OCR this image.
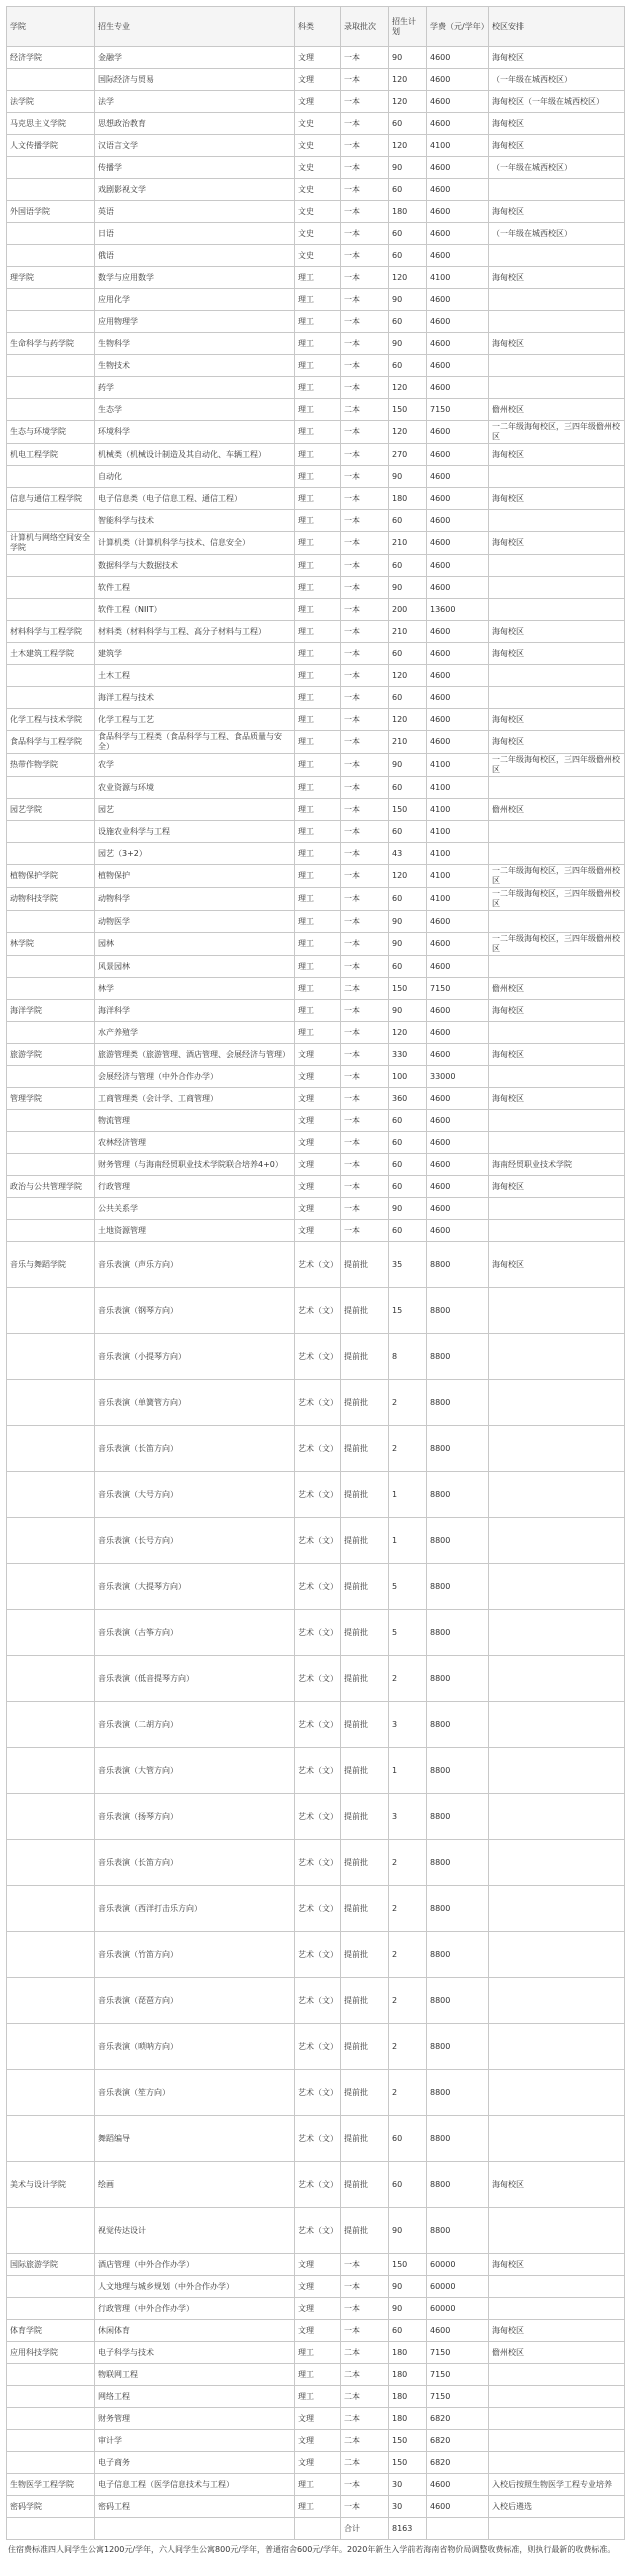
学院	招生专业	科类	录取批次	招生计划	学费（元/学年）	校区安排
经济学院	金融学	文理	一本	90	4600	海甸校区
	国际经济与贸易	文理	一本	120	4600	（一年级在城西校区）
法学院	法学	文理	一本	120	4600	海甸校区（一年级在城西校区）
马克思主义学院	思想政治教育	文史	一本	60	4600	海甸校区
人文传播学院	汉语言文学	文史	一本	120	4100	海甸校区
	传播学	文史	一本	90	4600	（一年级在城西校区）
	戏剧影视文学	文史	一本	60	4600	
外国语学院	英语	文史	一本	180	4600	海甸校区
	日语	文史	一本	60	4600	（一年级在城西校区）
	俄语	文史	一本	60	4600	
理学院	数学与应用数学	理工	一本	120	4100	海甸校区
	应用化学	理工	一本	90	4600	
	应用物理学	理工	一本	60	4600	
生命科学与药学院	生物科学	理工	一本	90	4600	海甸校区
	生物技术	理工	一本	60	4600	
	药学	理工	一本	120	4600	
	生态学	理工	二本	150	7150	儋州校区
生态与环境学院	环境科学	理工	一本	120	4600	一二年级海甸校区，三四年级儋州校区
机电工程学院	机械类（机械设计制造及其自动化、车辆工程）	理工	一本	270	4600	海甸校区
	自动化	理工	一本	90	4600	
信息与通信工程学院	电子信息类（电子信息工程、通信工程）	理工	一本	180	4600	海甸校区
	智能科学与技术	理工	一本	60	4600	
计算机与网络空间安全学院	计算机类（计算机科学与技术、信息安全）	理工	一本	210	4600	海甸校区
	数据科学与大数据技术	理工	一本	60	4600	
	软件工程	理工	一本	90	4600	
	软件工程（NIIT）	理工	一本	200	13600	
材料科学与工程学院	材料类（材料科学与工程、高分子材料与工程）	理工	一本	210	4600	海甸校区
土木建筑工程学院	建筑学	理工	一本	60	4600	海甸校区
	土木工程	理工	一本	120	4600	
	海洋工程与技术	理工	一本	60	4600	
化学工程与技术学院	化学工程与工艺	理工	一本	120	4600	海甸校区
食品科学与工程学院	食品科学与工程类（食品科学与工程、食品质量与安全）	理工	一本	210	4600	海甸校区
热带作物学院	农学	理工	一本	90	4100	一二年级海甸校区，三四年级儋州校区
	农业资源与环境	理工	一本	60	4100	
园艺学院	园艺	理工	一本	150	4100	儋州校区
	设施农业科学与工程	理工	一本	60	4100	
	园艺（3+2）	理工	一本	43	4100	
植物保护学院	植物保护	理工	一本	120	4100	一二年级海甸校区，三四年级儋州校区
动物科技学院	动物科学	理工	一本	60	4100	一二年级海甸校区，三四年级儋州校区
	动物医学	理工	一本	90	4600	
林学院	园林	理工	一本	90	4600	一二年级海甸校区，三四年级儋州校区
	风景园林	理工	一本	60	4600	
	林学	理工	二本	150	7150	儋州校区
海洋学院	海洋科学	理工	一本	90	4600	海甸校区
	水产养殖学	理工	一本	120	4600	
旅游学院	旅游管理类（旅游管理、酒店管理、会展经济与管理）	文理	一本	330	4600	海甸校区
	会展经济与管理（中外合作办学）	文理	一本	100	33000	
管理学院	工商管理类（会计学、工商管理）	文理	一本	360	4600	海甸校区
	物流管理	文理	一本	60	4600	
	农林经济管理	文理	一本	60	4600	
	财务管理（与海南经贸职业技术学院联合培养4+0）	文理	一本	60	4600	海南经贸职业技术学院
政治与公共管理学院	行政管理	文理	一本	60	4600	海甸校区
	公共关系学	文理	一本	90	4600	
	土地资源管理	文理	一本	60	4600	
音乐与舞蹈学院	音乐表演（声乐方向）	艺术（文）	提前批	35	8800	海甸校区
	音乐表演（钢琴方向）	艺术（文）	提前批	15	8800	
	音乐表演（小提琴方向）	艺术（文）	提前批	8	8800	
	音乐表演（单簧管方向）	艺术（文）	提前批	2	8800	
	音乐表演（长笛方向）	艺术（文）	提前批	2	8800	
	音乐表演（大号方向）	艺术（文）	提前批	1	8800	
	音乐表演（长号方向）	艺术（文）	提前批	1	8800	
	音乐表演（大提琴方向）	艺术（文）	提前批	5	8800	
	音乐表演（古筝方向）	艺术（文）	提前批	5	8800	
	音乐表演（低音提琴方向）	艺术（文）	提前批	2	8800	
	音乐表演（二胡方向）	艺术（文）	提前批	3	8800	
	音乐表演（大管方向）	艺术（文）	提前批	1	8800	
	音乐表演（扬琴方向）	艺术（文）	提前批	3	8800	
	音乐表演（长笛方向）	艺术（文）	提前批	2	8800	
	音乐表演（西洋打击乐方向）	艺术（文）	提前批	2	8800	
	音乐表演（竹笛方向）	艺术（文）	提前批	2	8800	
	音乐表演（琵琶方向）	艺术（文）	提前批	2	8800	
	音乐表演（唢呐方向）	艺术（文）	提前批	2	8800	
	音乐表演（笙方向）	艺术（文）	提前批	2	8800	
	舞蹈编导	艺术（文）	提前批	60	8800	
美术与设计学院	绘画	艺术（文）	提前批	60	8800	海甸校区
	视觉传达设计	艺术（文）	提前批	90	8800	
国际旅游学院	酒店管理（中外合作办学）	文理	一本	150	60000	海甸校区
	人文地理与城乡规划（中外合作办学）	文理	一本	90	60000	
	行政管理（中外合作办学）	文理	一本	90	60000	
体育学院	休闲体育	文理	一本	60	4600	海甸校区
应用科技学院	电子科学与技术	理工	二本	180	7150	儋州校区
	物联网工程	理工	二本	180	7150	
	网络工程	理工	二本	180	7150	
	财务管理	文理	二本	180	6820	
	审计学	文理	二本	150	6820	
	电子商务	文理	二本	150	6820	
生物医学工程学院	电子信息工程（医学信息技术与工程）	理工	一本	30	4600	入校后按照生物医学工程专业培养
密码学院	密码工程	理工	一本	30	4600	入校后遴选
			合计	8163		
住宿费标准四人间学生公寓1200元/学年，六人间学生公寓800元/学年，普通宿舍600元/学年。2020年新生入学前若海南省物价局调整收费标准，则执行最新的收费标准。
